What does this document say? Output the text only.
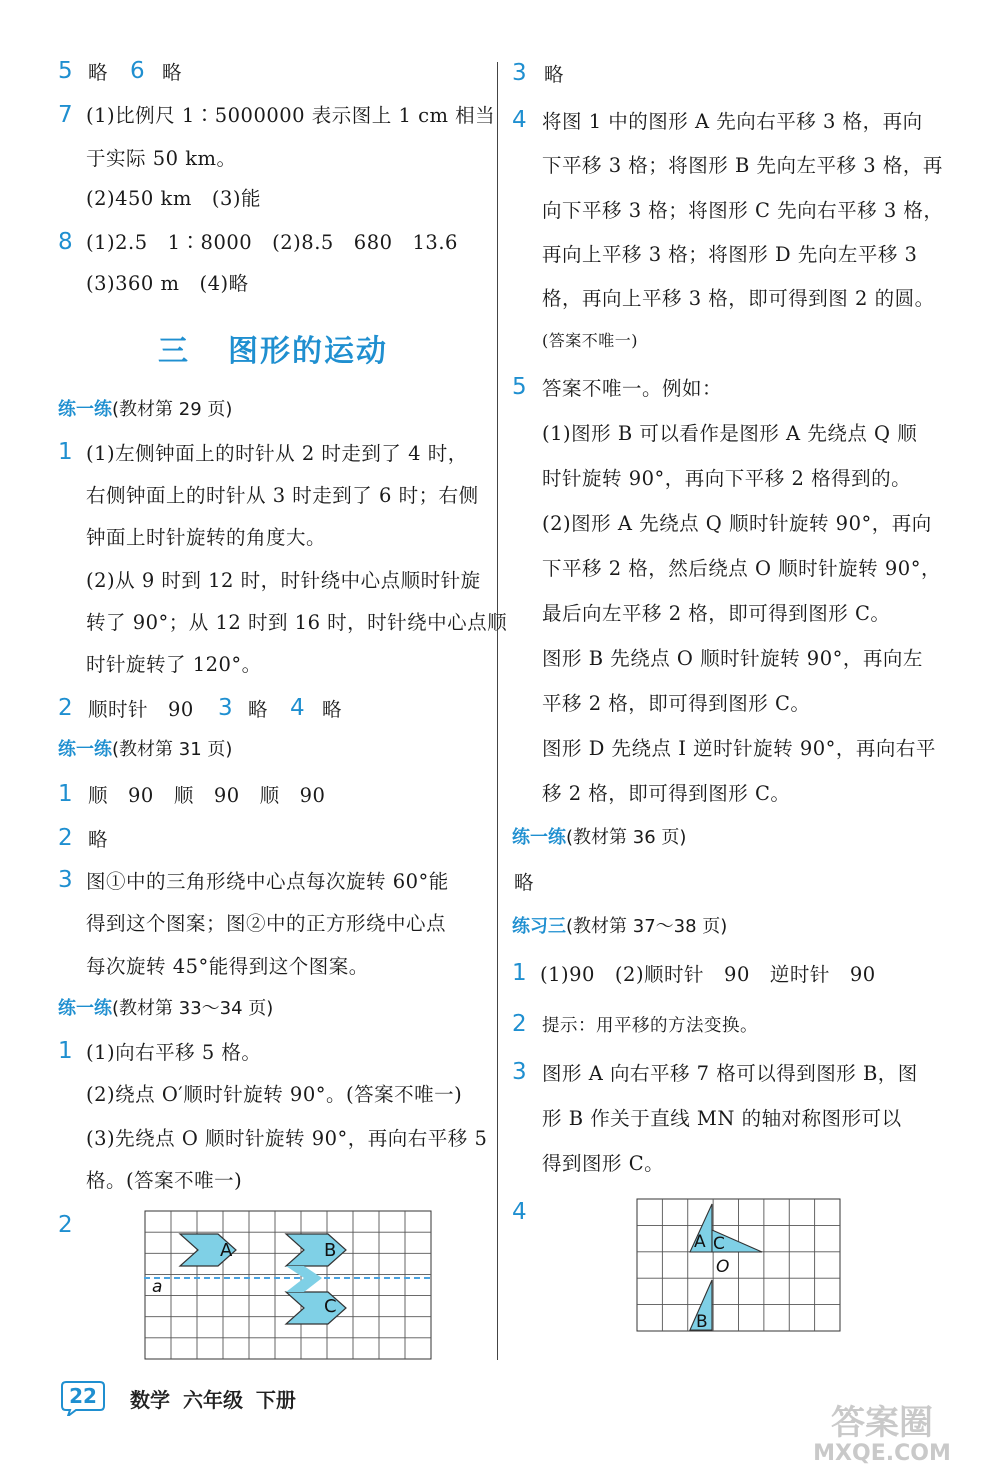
5 略 6 略
7 (1)比例尺 1∶5000000 表示图上 1 cm 相当
于实际 50 km。
(2)450 km　(3)能
8 (1)2.5　1∶8000　(2)8.5　680　13.6
(3)360 m　(4)略
三 图形的运动
练一练(教材第 29 页)
1 (1)左侧钟面上的时针从 2 时走到了 4 时，
右侧钟面上的时针从 3 时走到了 6 时；右侧
钟面上时针旋转的角度大。
(2)从 9 时到 12 时，时针绕中心点顺时针旋
转了 90°；从 12 时到 16 时，时针绕中心点顺
时针旋转了 120°。
2 顺时针　90 3 略 4 略
练一练(教材第 31 页)
1 顺　90　顺　90　顺　90
2 略
3 图①中的三角形绕中心点每次旋转 60°能
得到这个图案；图②中的正方形绕中心点
每次旋转 45°能得到这个图案。
练一练(教材第 33～34 页)
1 (1)向右平移 5 格。
(2)绕点 O′顺时针旋转 90°。(答案不唯一)
(3)先绕点 O 顺时针旋转 90°，再向右平移 5
格。(答案不唯一)
2
A	B
C
a
3 略
4 将图 1 中的图形 A 先向右平移 3 格，再向
下平移 3 格；将图形 B 先向左平移 3 格，再
向下平移 3 格；将图形 C 先向右平移 3 格，
再向上平移 3 格；将图形 D 先向左平移 3
格，再向上平移 3 格，即可得到图 2 的圆。
(答案不唯一)
5 答案不唯一。例如：
(1)图形 B 可以看作是图形 A 先绕点 Q 顺
时针旋转 90°，再向下平移 2 格得到的。
(2)图形 A 先绕点 Q 顺时针旋转 90°，再向
下平移 2 格，然后绕点 O 顺时针旋转 90°，
最后向左平移 2 格，即可得到图形 C。
图形 B 先绕点 O 顺时针旋转 90°，再向左
平移 2 格，即可得到图形 C。
图形 D 先绕点 I 逆时针旋转 90°，再向右平
移 2 格，即可得到图形 C。
练一练(教材第 36 页)
略
练习三(教材第 37～38 页)
1 (1)90　(2)顺时针　90　逆时针　90
2 提示：用平移的方法变换。
3 图形 A 向右平移 7 格可以得到图形 B，图
形 B 作关于直线 MN 的轴对称图形可以
得到图形 C。
4
A C
O
B
22 数学 六年级 下册
答案圈
MXQE.COM
